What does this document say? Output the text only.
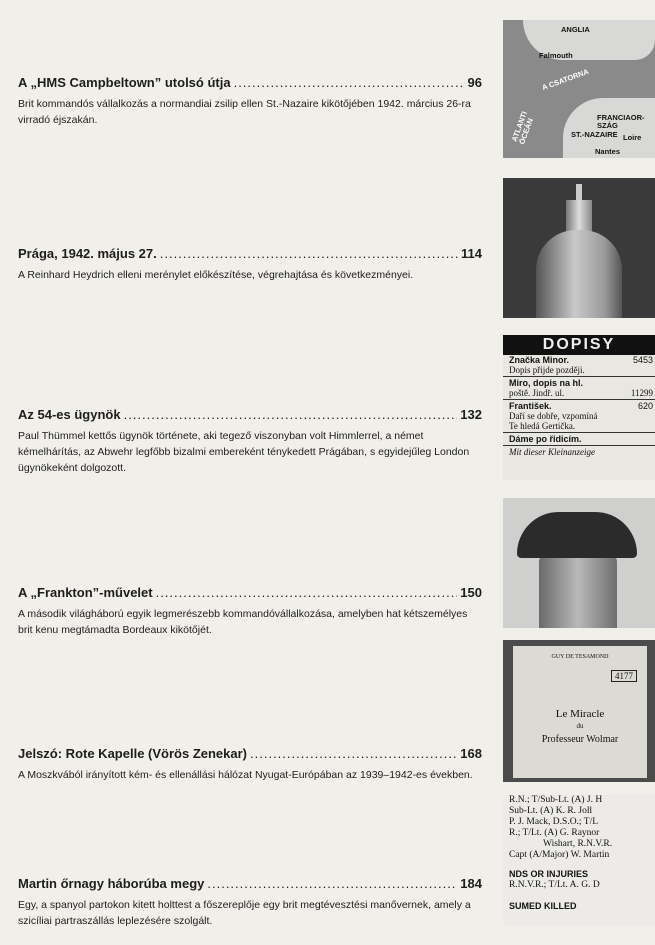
A „HMS Campbeltown” utolsó útja .....	96
Brit kommandós vállalkozás a normandiai zsilip ellen St.-Nazaire kikötőjében 1942. március 26-ra virradó éjszakán.
Prága, 1942. május 27. .....	114
A Reinhard Heydrich elleni merénylet előkészítése, végrehajtása és következményei.
Az 54-es ügynök .....	132
Paul Thümmel kettős ügynök története, aki tegező viszonyban volt Himmlerrel, a német kémelhárítás, az Abwehr legfőbb bizalmi embereként ténykedett Prágában, s egyidejűleg London ügynökeként dolgozott.
A „Frankton”-művelet .....	150
A második világháború egyik legmerészebb kommandóvállalkozása, amelyben hat kétszemélyes brit kenu megtámadta Bordeaux kikötőjét.
Jelszó: Rote Kapelle (Vörös Zenekar) .....	168
A Moszkvából irányított kém- és ellenállási hálózat Nyugat-Európában az 1939–1942-es években.
Martin őrnagy háborúba megy .....	184
Egy, a spanyol partokon kitett holttest a főszereplője egy brit megtévesztési manővernek, amely a szicíliai partraszállás leplezésére szolgált.
ANGLIA
Falmouth
A CSATORNA
ATLANTI ÓCEÁN	FRANCIAOR- SZÁG
ST.-NAZAIRE Loire
Nantes
DOPISY
Značka Minor.	5453
Dopis přijde později.
Miro, dopis na hl.
poště. Jindř. ul.	11299
František.	620
Daří se dobře, vzpomíná
Te hledá Gertička.
Dáme po řidicím.
Mit dieser Kleinanzeige
GUY DE TESAMOND
4177
Le Miracle
du
Professeur Wolmar
R.N.; T/Sub-Lt. (A) J. H
Sub-Lt. (A) K. R. Joll
P. J. Mack, D.S.O.; T/L
R.; T/Lt. (A) G. Raynor
Wishart, R.N.V.R.
Capt (A/Major) W. Martin
NDS OR INJURIES
R.N.V.R.; T/Lt. A. G. D
SUMED KILLED
